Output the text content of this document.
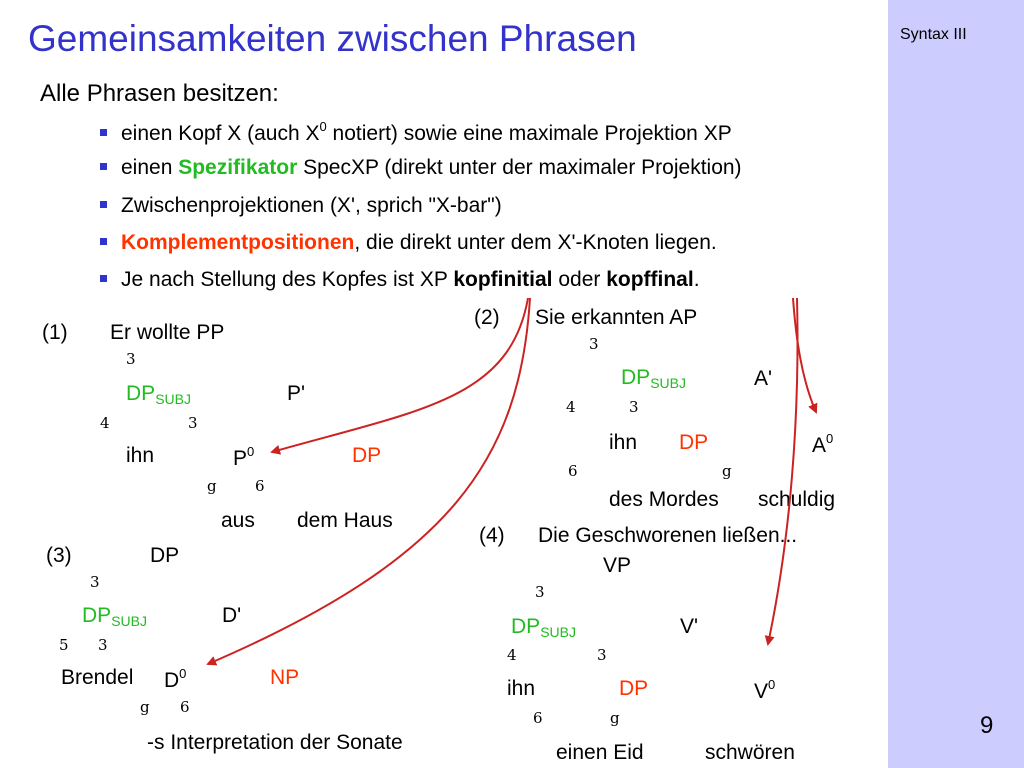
Gemeinsamkeiten zwischen Phrasen	Syntax III
9
Alle Phrasen besitzen:
einen Kopf X (auch $X^0$ notiert) sowie eine maximale Projektion XP
einen Spezifikator SpecXP (direkt unter der maximaler Projektion)
Zwischenprojektionen (X', sprich "X-bar")
Komplementpositionen, die direkt unter dem X'-Knoten liegen.
Je nach Stellung des Kopfes ist XP kopfinitial oder kopffinal.
(1) Er wollte PP
3
$DP_{SUBJ}$	P'
4	3
ihn	$P^0$	DP
g	6
aus dem Haus
(2) Sie erkannten AP
3
$DP_{SUBJ}$	A'
4	3
ihn DP	$A^0$
6	g
des Mordes schuldig
(3)	DP
3
$DP_{SUBJ}$	D'
5 3
Brendel $D^0$	NP
g 6
-s Interpretation der Sonate
(4) Die Geschworenen ließen...
VP
3
$DP_{SUBJ}$	V'
4	3
ihn	DP	$V^0$
6	g
einen Eid	schwören
